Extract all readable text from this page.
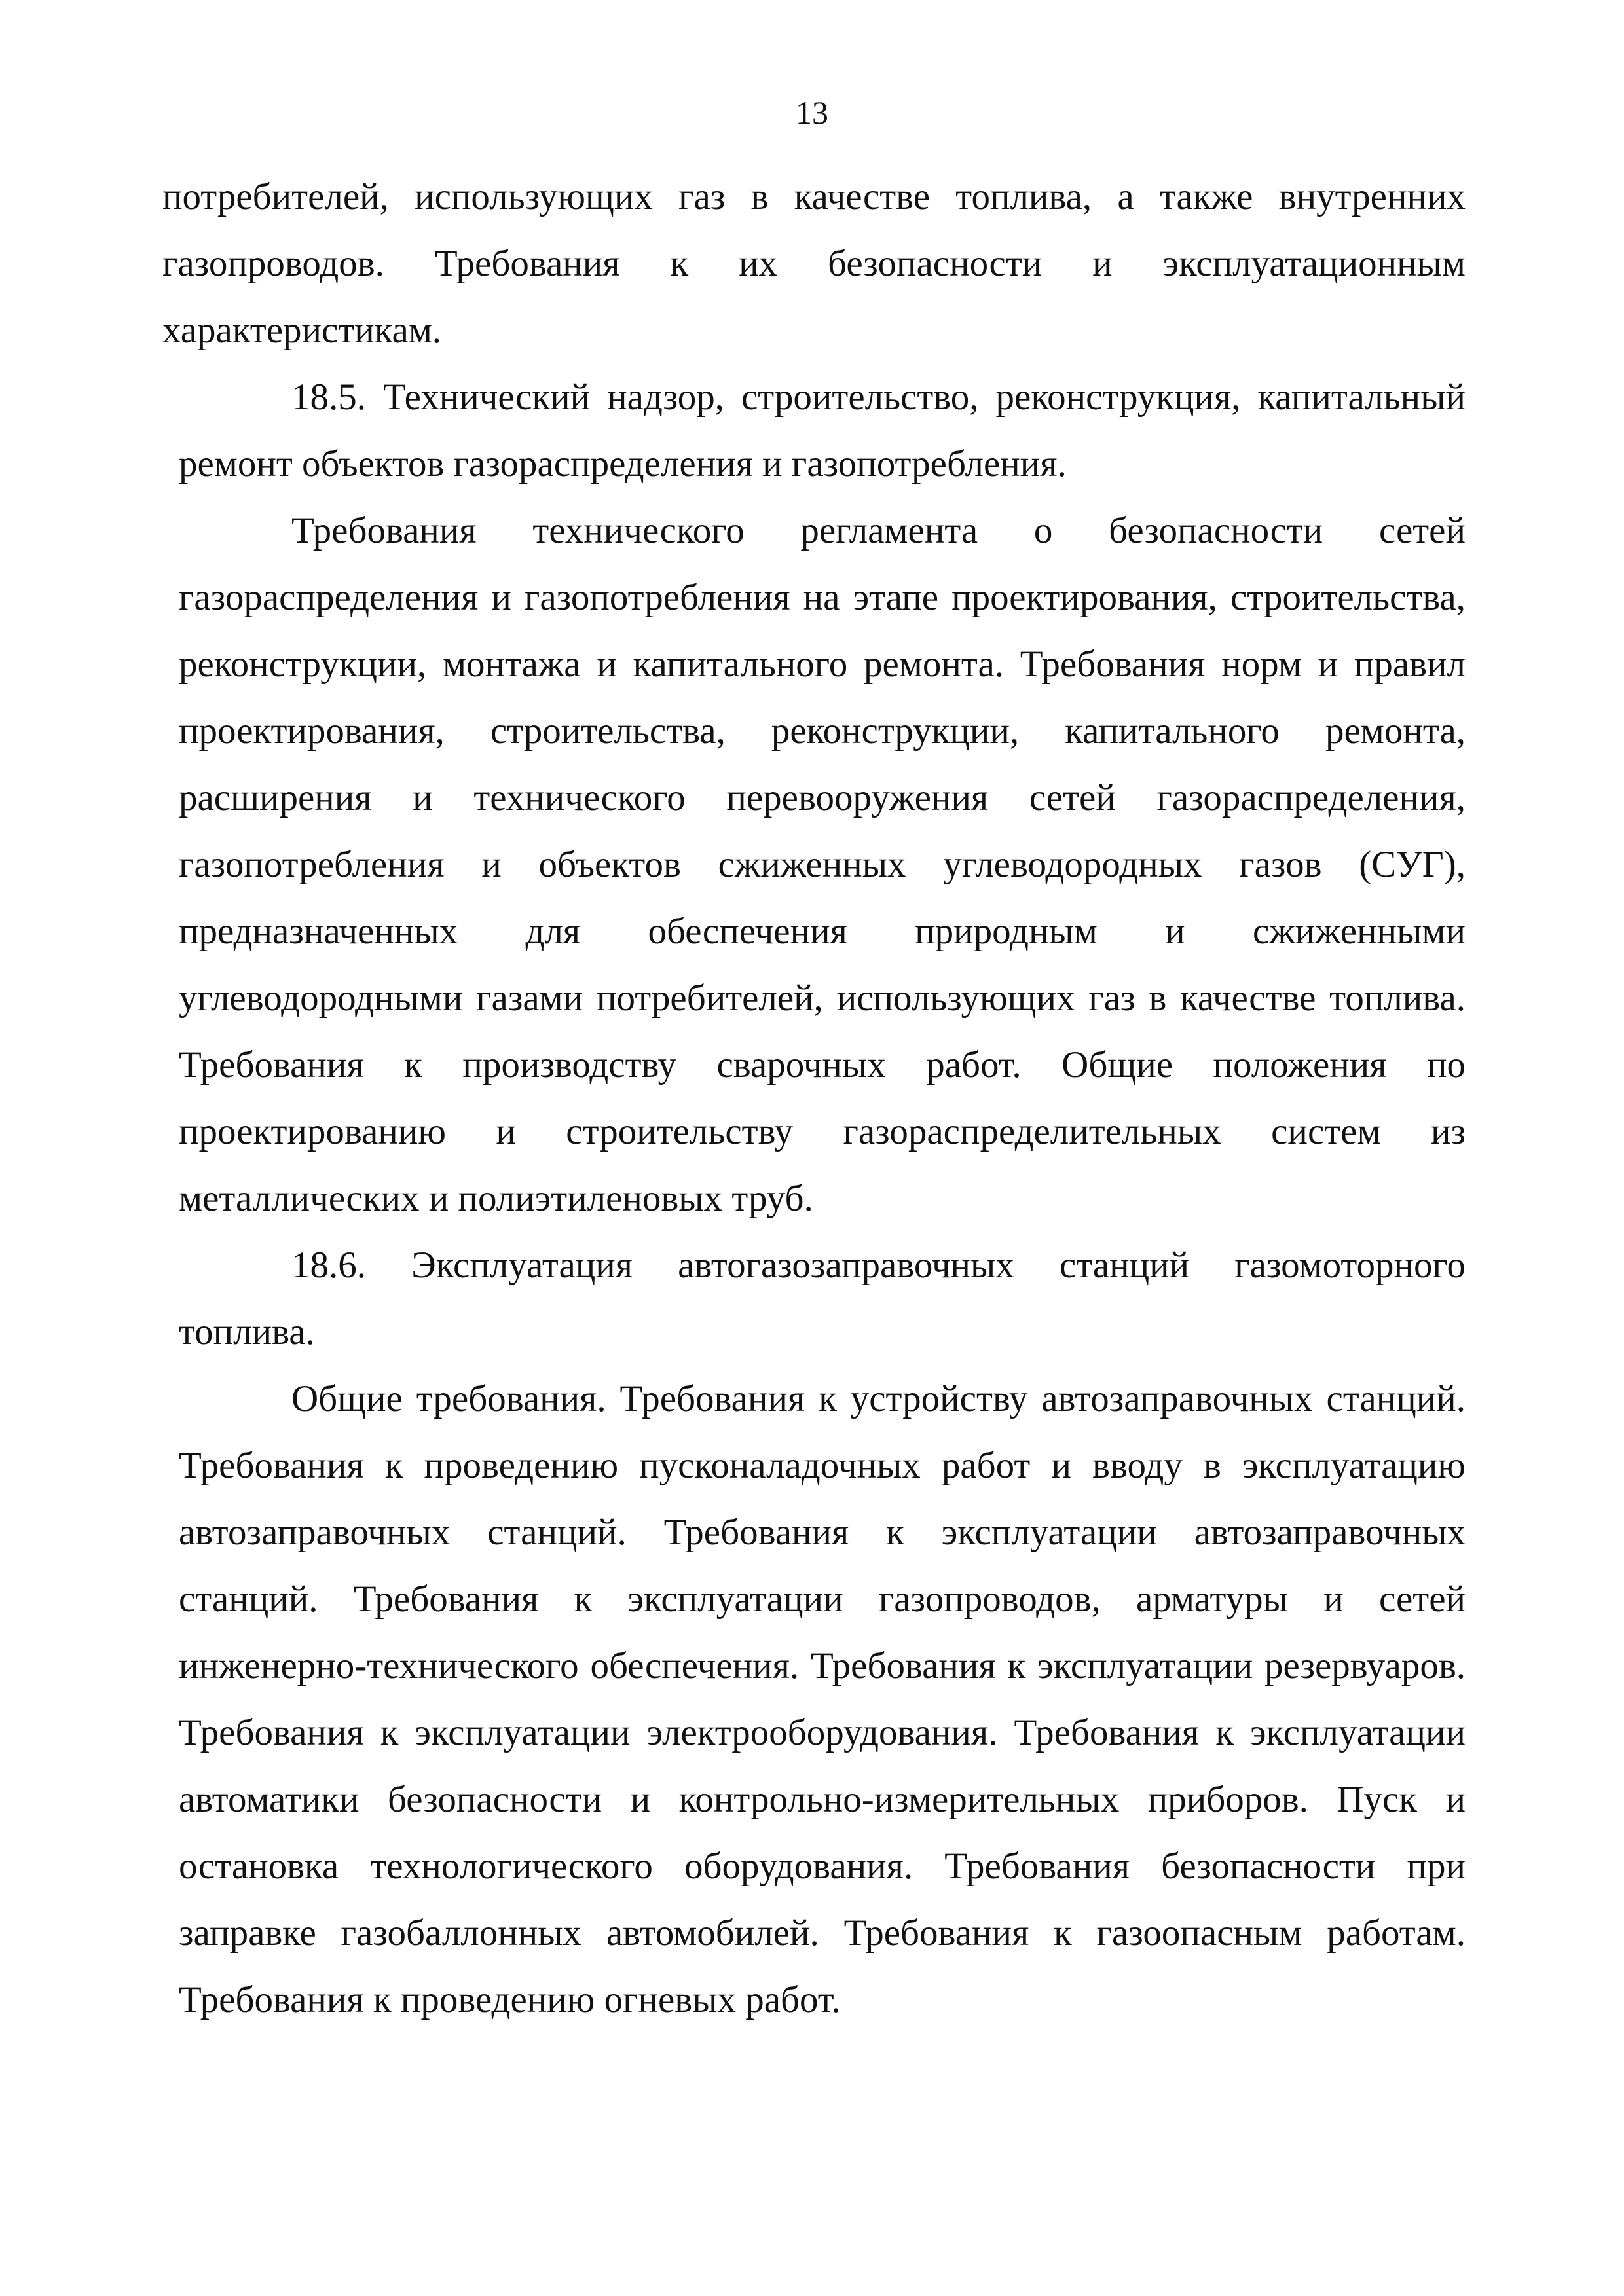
13

потребителей, использующих газ в качестве топлива, а также внутренних газопроводов. Требования к их безопасности и эксплуатационным характеристикам.

18.5. Технический надзор, строительство, реконструкция, капитальный ремонт объектов газораспределения и газопотребления.

Требования технического регламента о безопасности сетей газораспределения и газопотребления на этапе проектирования, строительства, реконструкции, монтажа и капитального ремонта. Требования норм и правил проектирования, строительства, реконструкции, капитального ремонта, расширения и технического перевооружения сетей газораспределения, газопотребления и объектов сжиженных углеводородных газов (СУГ), предназначенных для обеспечения природным и сжиженными углеводородными газами потребителей, использующих газ в качестве топлива. Требования к производству сварочных работ. Общие положения по проектированию и строительству газораспределительных систем из металлических и полиэтиленовых труб.

18.6. Эксплуатация автогазозаправочных станций газомоторного топлива.

Общие требования. Требования к устройству автозаправочных станций. Требования к проведению пусконаладочных работ и вводу в эксплуатацию автозаправочных станций. Требования к эксплуатации автозаправочных станций. Требования к эксплуатации газопроводов, арматуры и сетей инженерно-технического обеспечения. Требования к эксплуатации резервуаров. Требования к эксплуатации электрооборудования. Требования к эксплуатации автоматики безопасности и контрольно-измерительных приборов. Пуск и остановка технологического оборудования. Требования безопасности при заправке газобаллонных автомобилей. Требования к газоопасным работам. Требования к проведению огневых работ.
